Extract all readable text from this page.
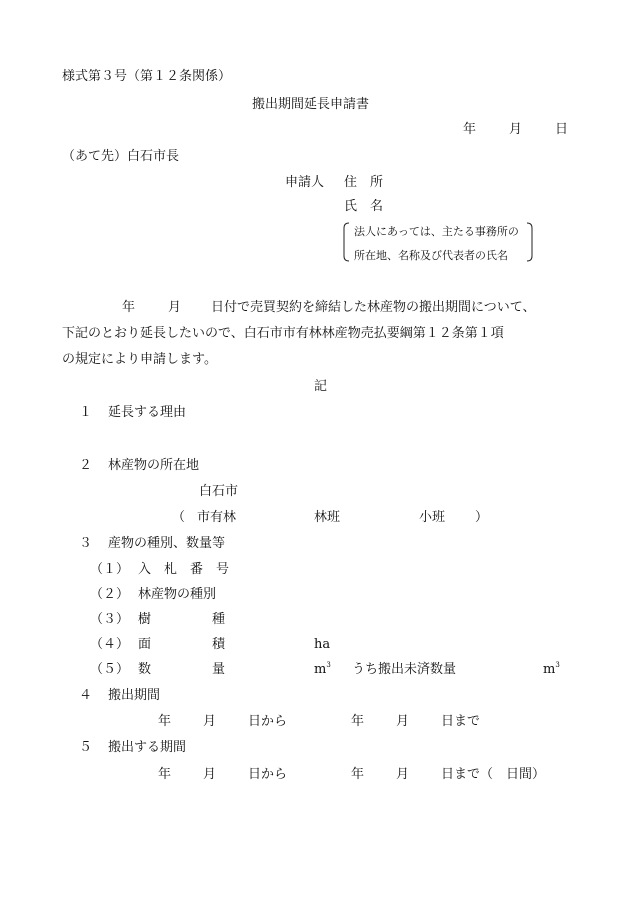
様式第３号（第１２条関係）
搬出期間延長申請書
年	月	日
（あて先）白石市長
申請人 住　所
氏　名
法人にあっては、主たる事務所の
所在地、名称及び代表者の氏名
年	月 日付で売買契約を締結した林産物の搬出期間について、
下記のとおり延長したいので、白石市市有林林産物売払要綱第１２条第１項
の規定により申請します。
記
１ 延長する理由
２ 林産物の所在地
白石市
（ 市有林	林班	小班 ）
３ 産物の種別、数量等
（１） 入　札　番　号
（２） 林産物の種別
（３） 樹	種
（４） 面	積	ha
（５） 数	量	$m^3$ うち搬出未済数量	$m^3$
４ 搬出期間
年 月 日から	年 月 日まで
５ 搬出する期間
年 月 日から	年 月 日まで（ 日間）
